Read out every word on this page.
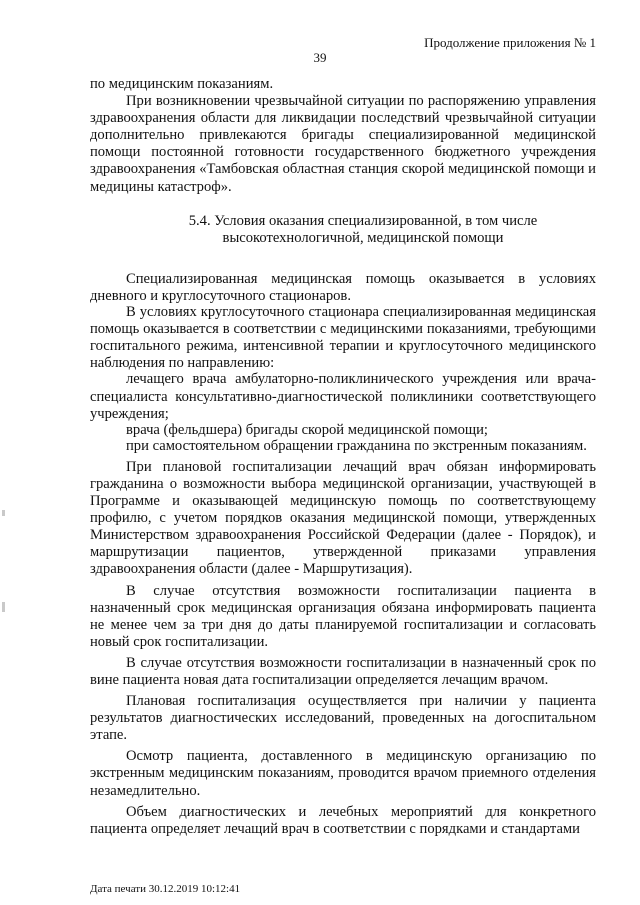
Продолжение приложения № 1
39

по медицинским показаниям.

При возникновении чрезвычайной ситуации по распоряжению управления здравоохранения области для ликвидации последствий чрезвычайной ситуации дополнительно привлекаются бригады специализированной медицинской помощи постоянной готовности государственного бюджетного учреждения здравоохранения «Тамбовская областная станция скорой медицинской помощи и медицины катастроф».

5.4. Условия оказания специализированной, в том числе высокотехнологичной, медицинской помощи

Специализированная медицинская помощь оказывается в условиях дневного и круглосуточного стационаров.

В условиях круглосуточного стационара специализированная медицинская помощь оказывается в соответствии с медицинскими показаниями, требующими госпитального режима, интенсивной терапии и круглосуточного медицинского наблюдения по направлению:

лечащего врача амбулаторно-поликлинического учреждения или врача-специалиста консультативно-диагностической поликлиники соответствующего учреждения;

врача (фельдшера) бригады скорой медицинской помощи;

при самостоятельном обращении гражданина по экстренным показаниям.

При плановой госпитализации лечащий врач обязан информировать гражданина о возможности выбора медицинской организации, участвующей в Программе и оказывающей медицинскую помощь по соответствующему профилю, с учетом порядков оказания медицинской помощи, утвержденных Министерством здравоохранения Российской Федерации (далее - Порядок), и маршрутизации пациентов, утвержденной приказами управления здравоохранения области (далее - Маршрутизация).

В случае отсутствия возможности госпитализации пациента в назначенный срок медицинская организация обязана информировать пациента не менее чем за три дня до даты планируемой госпитализации и согласовать новый срок госпитализации.

В случае отсутствия возможности госпитализации в назначенный срок по вине пациента новая дата госпитализации определяется лечащим врачом.

Плановая госпитализация осуществляется при наличии у пациента результатов диагностических исследований, проведенных на догоспитальном этапе.

Осмотр пациента, доставленного в медицинскую организацию по экстренным медицинским показаниям, проводится врачом приемного отделения незамедлительно.

Объем диагностических и лечебных мероприятий для конкретного пациента определяет лечащий врач в соответствии с порядками и стандартами

Дата печати 30.12.2019 10:12:41
